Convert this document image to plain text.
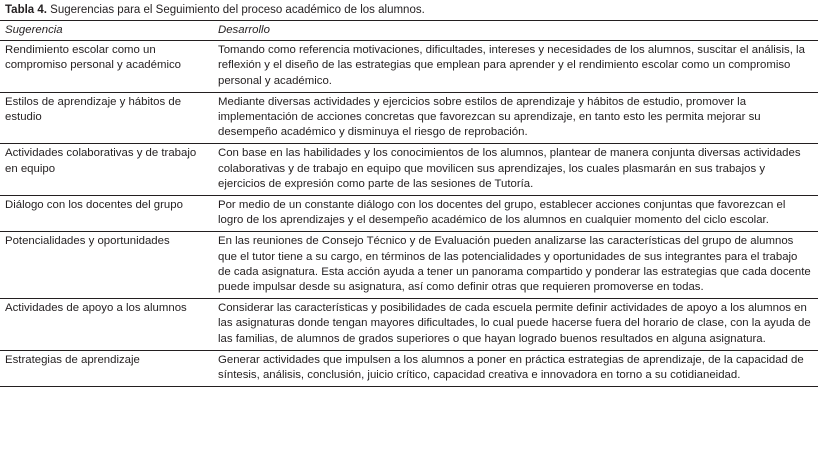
Tabla 4. Sugerencias para el Seguimiento del proceso académico de los alumnos.
Sugerencia	Desarrollo
Rendimiento escolar como un compromiso personal y académico	Tomando como referencia motivaciones, dificultades, intereses y necesidades de los alumnos, suscitar el análisis, la reflexión y el diseño de las estrategias que emplean para aprender y el rendimiento escolar como un compromiso personal y académico.
Estilos de aprendizaje y hábitos de estudio	Mediante diversas actividades y ejercicios sobre estilos de aprendizaje y hábitos de estudio, promover la implementación de acciones concretas que favorezcan su aprendizaje, en tanto esto les permita mejorar su desempeño académico y disminuya el riesgo de reprobación.
Actividades colaborativas y de trabajo en equipo	Con base en las habilidades y los conocimientos de los alumnos, plantear de manera conjunta diversas actividades colaborativas y de trabajo en equipo que movilicen sus aprendizajes, los cuales plasmarán en sus trabajos y ejercicios de expresión como parte de las sesiones de Tutoría.
Diálogo con los docentes del grupo	Por medio de un constante diálogo con los docentes del grupo, establecer acciones conjuntas que favorezcan el logro de los aprendizajes y el desempeño académico de los alumnos en cualquier momento del ciclo escolar.
Potencialidades y oportunidades	En las reuniones de Consejo Técnico y de Evaluación pueden analizarse las características del grupo de alumnos que el tutor tiene a su cargo, en términos de las potencialidades y oportunidades de sus integrantes para el trabajo de cada asignatura. Esta acción ayuda a tener un panorama compartido y ponderar las estrategias que cada docente puede impulsar desde su asignatura, así como definir otras que requieren promoverse en todas.
Actividades de apoyo a los alumnos	Considerar las características y posibilidades de cada escuela permite definir actividades de apoyo a los alumnos en las asignaturas donde tengan mayores dificultades, lo cual puede hacerse fuera del horario de clase, con la ayuda de las familias, de alumnos de grados superiores o que hayan logrado buenos resultados en alguna asignatura.
Estrategias de aprendizaje	Generar actividades que impulsen a los alumnos a poner en práctica estrategias de aprendizaje, de la capacidad de síntesis, análisis, conclusión, juicio crítico, capacidad creativa e innovadora en torno a su cotidianeidad.
